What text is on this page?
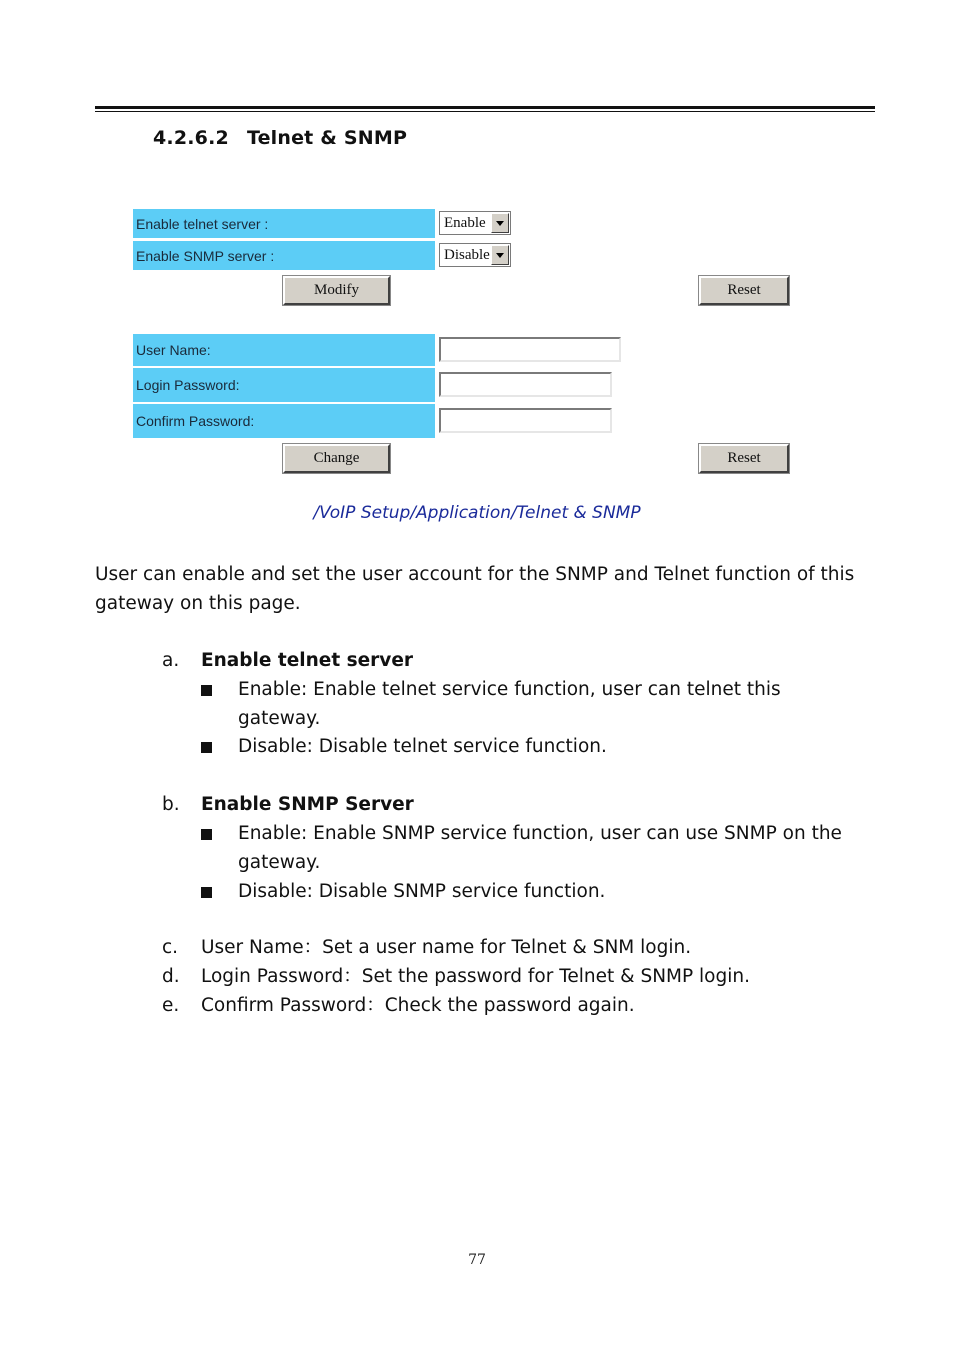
4.2.6.2 Telnet & SNMP
Enable telnet server :	Enable
Enable SNMP server :	Disable
Modify	Reset
User Name:
Login Password:
Confirm Password:
Change	Reset
/VoIP Setup/Application/Telnet & SNMP
User can enable and set the user account for the SNMP and Telnet function of this gateway on this page.
a. Enable telnet server
Enable: Enable telnet service function, user can telnet this gateway.
Disable: Disable telnet service function.
b. Enable SNMP Server
Enable: Enable SNMP service function, user can use SNMP on the gateway.
Disable: Disable SNMP service function.
c. User Name：Set a user name for Telnet & SNM login.
d. Login Password：Set the password for Telnet & SNMP login.
e. Confirm Password：Check the password again.
77
